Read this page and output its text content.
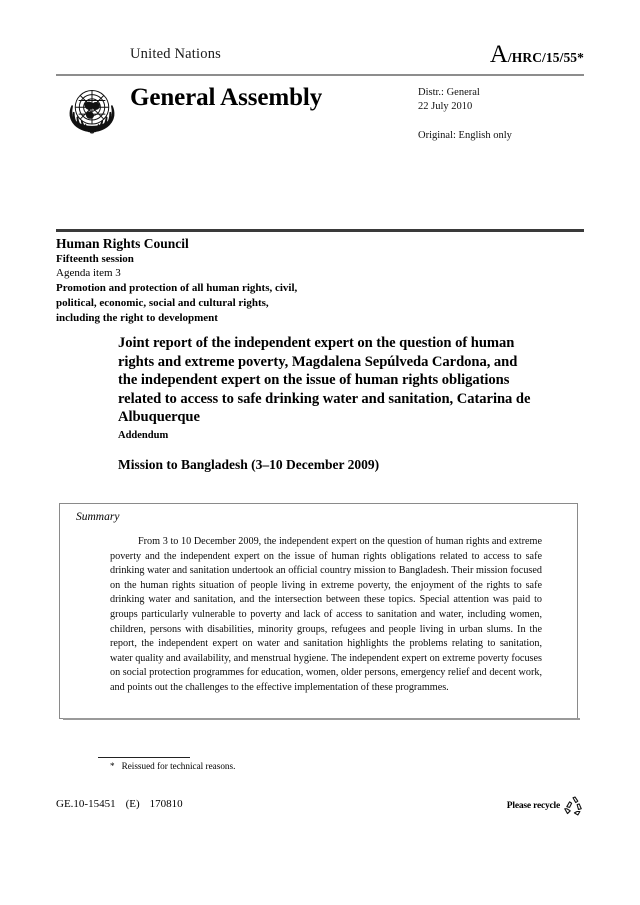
United Nations	A/HRC/15/55*
General Assembly	Distr.: General
22 July 2010
Original: English only
Human Rights Council
Fifteenth session
Agenda item 3
Promotion and protection of all human rights, civil,
political, economic, social and cultural rights,
including the right to development
Joint report of the independent expert on the question of human rights and extreme poverty, Magdalena Sepúlveda Cardona, and the independent expert on the issue of human rights obligations related to access to safe drinking water and sanitation, Catarina de Albuquerque
Addendum
Mission to Bangladesh (3–10 December 2009)
Summary
From 3 to 10 December 2009, the independent expert on the question of human rights and extreme poverty and the independent expert on the issue of human rights obligations related to access to safe drinking water and sanitation undertook an official country mission to Bangladesh. Their mission focused on the human rights situation of people living in extreme poverty, the enjoyment of the rights to safe drinking water and sanitation, and the intersection between these topics. Special attention was paid to groups particularly vulnerable to poverty and lack of access to sanitation and water, including women, children, persons with disabilities, minority groups, refugees and people living in urban slums. In the report, the independent expert on water and sanitation highlights the problems relating to sanitation, water quality and availability, and menstrual hygiene. The independent expert on extreme poverty focuses on social protection programmes for education, women, older persons, emergency relief and decent work, and points out the challenges to the effective implementation of these programmes.
* Reissued for technical reasons.
GE.10-15451 (E) 170810	Please recycle
